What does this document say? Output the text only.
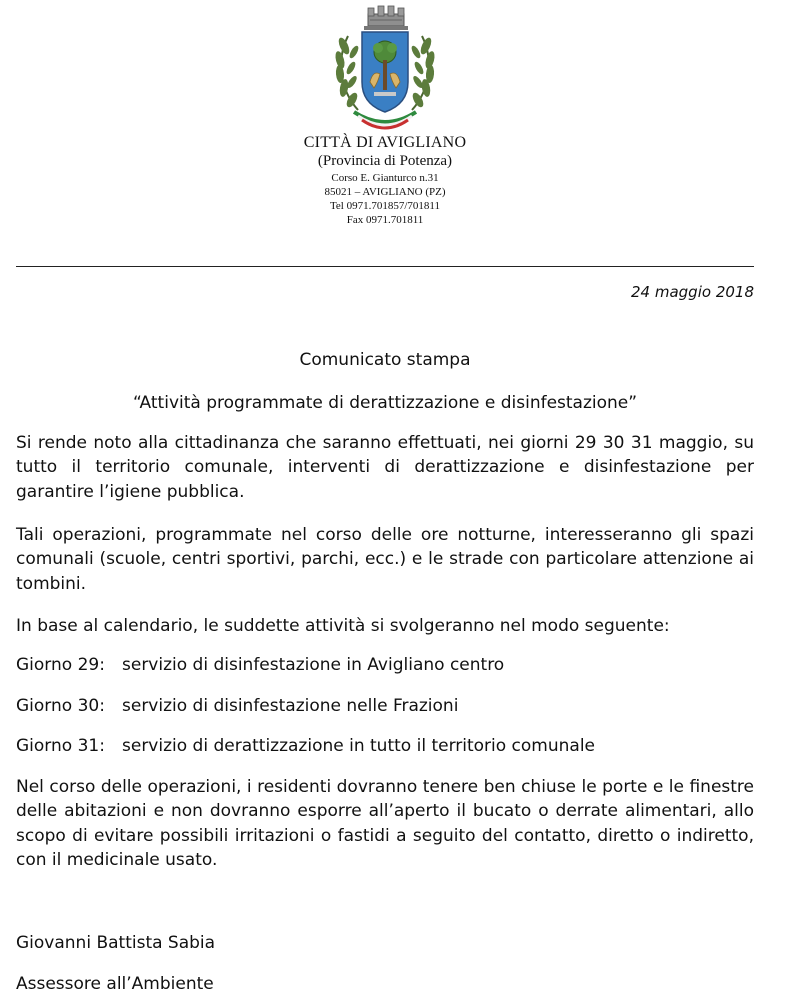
CITTÀ DI AVIGLIANO
(Provincia di Potenza)
Corso E. Gianturco n.31
85021 – AVIGLIANO (PZ)
Tel 0971.701857/701811
Fax 0971.701811
24 maggio 2018
Comunicato stampa
“Attività programmate di derattizzazione e disinfestazione”
Si rende noto alla cittadinanza che saranno effettuati, nei giorni 29 30 31 maggio, su tutto il territorio comunale, interventi di derattizzazione e disinfestazione per garantire l’igiene pubblica.
Tali operazioni, programmate nel corso delle ore notturne, interesseranno gli spazi comunali (scuole, centri sportivi, parchi, ecc.) e le strade con particolare attenzione ai tombini.
In base al calendario, le suddette attività si svolgeranno nel modo seguente:
Giorno 29: servizio di disinfestazione in Avigliano centro
Giorno 30: servizio di disinfestazione nelle Frazioni
Giorno 31: servizio di derattizzazione in tutto il territorio comunale
Nel corso delle operazioni, i residenti dovranno tenere ben chiuse le porte e le finestre delle abitazioni e non dovranno esporre all’aperto il bucato o derrate alimentari, allo scopo di evitare possibili irritazioni o fastidi a seguito del contatto, diretto o indiretto, con il medicinale usato.
Giovanni Battista Sabia
Assessore all’Ambiente
